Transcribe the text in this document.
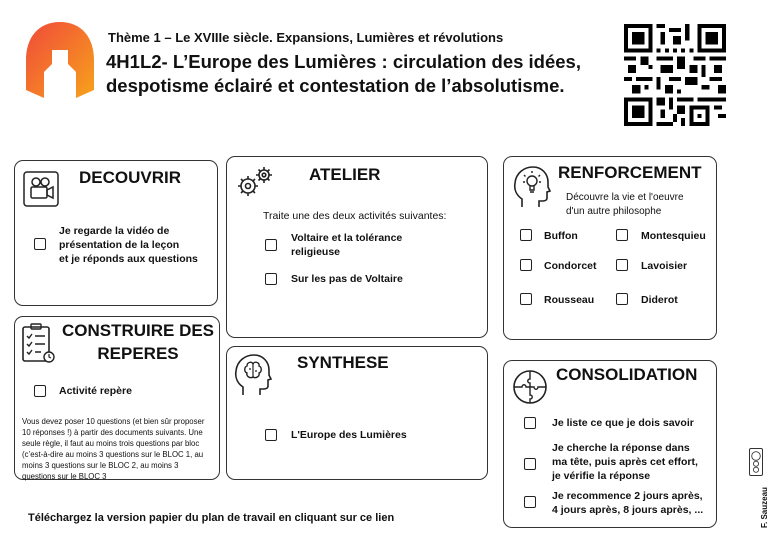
Thème 1 – Le XVIIIe siècle. Expansions, Lumières et révolutions
4H1L2- L’Europe des Lumières : circulation des idées,
despotisme éclairé et contestation de l’absolutisme.
DECOUVRIR
Je regarde la vidéo de
présentation de la leçon
et je réponds aux questions
ATELIER
Traite une des deux activités suivantes:
Voltaire et la tolérance
religieuse
Sur les pas de Voltaire
RENFORCEMENT
Découvre la vie et l'oeuvre
d'un autre philosophe
Buffon	Montesquieu
Condorcet	Lavoisier
Rousseau	Diderot
CONSTRUIRE DES
REPERES
Activité repère
Vous devez poser 10 questions (et bien sûr proposer
10 réponses !) à partir des documents suivants. Une
seule règle, il faut au moins trois questions par bloc
(c’est-à-dire au moins 3 questions sur le BLOC 1, au
moins 3 questions sur le BLOC 2, au moins 3
questions sur le BLOC 3
SYNTHESE
L'Europe des Lumières
CONSOLIDATION
Je liste ce que je dois savoir
Je cherche la réponse dans
ma tête, puis après cet effort,
je vérifie la réponse
Je recommence 2 jours après,
4 jours après, 8 jours après, ...
Téléchargez la version papier du plan de travail en cliquant sur ce lien	F. Sauzeau
